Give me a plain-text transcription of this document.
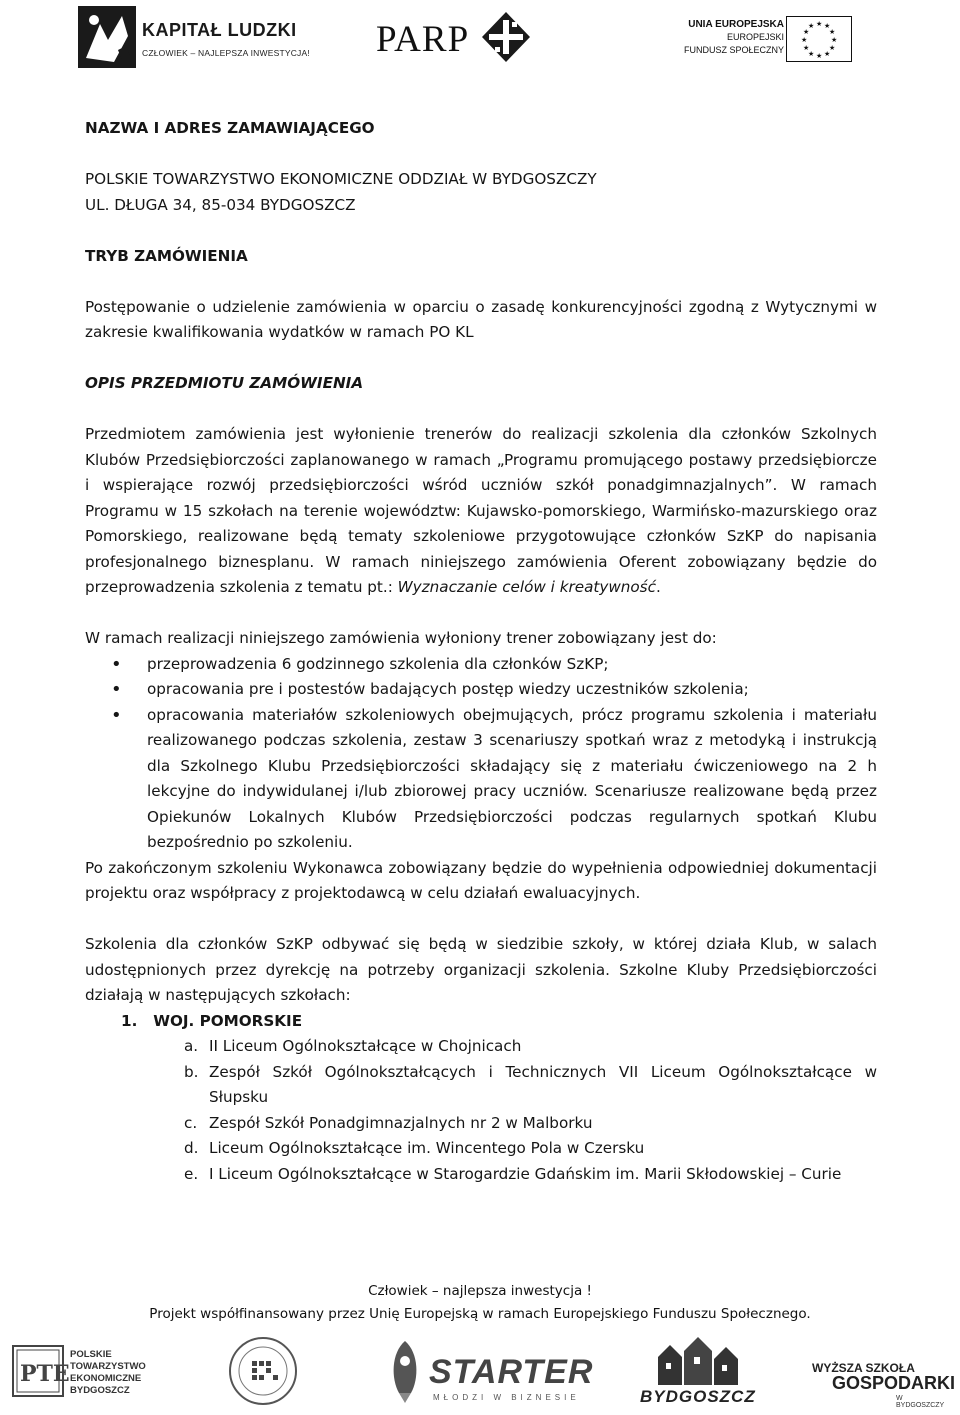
KAPITAŁ LUDZKI
CZŁOWIEK – NAJLEPSZA INWESTYCJA! PARP	UNIA EUROPEJSKA
EUROPEJSKI
FUNDUSZ SPOŁECZNY
★ ★
★
★
★
★
★
★
★
★
★
★

NAZWA I ADRES ZAMAWIAJĄCEGO

POLSKIE TOWARZYSTWO EKONOMICZNE ODDZIAŁ W BYDGOSZCZY

UL. DŁUGA 34, 85-034 BYDGOSZCZ

TRYB ZAMÓWIENIA

Postępowanie o udzielenie zamówienia w oparciu o zasadę konkurencyjności zgodną z Wytycznymi w zakresie kwalifikowania wydatków w ramach PO KL

OPIS PRZEDMIOTU ZAMÓWIENIA

Przedmiotem zamówienia jest wyłonienie trenerów do realizacji szkolenia dla członków Szkolnych Klubów Przedsiębiorczości zaplanowanego w ramach „Programu promującego postawy przedsiębiorcze i wspierające rozwój przedsiębiorczości wśród uczniów szkół ponadgimnazjalnych”. W ramach Programu w 15 szkołach na terenie województw: Kujawsko-pomorskiego, Warmińsko-mazurskiego oraz Pomorskiego, realizowane będą tematy szkoleniowe przygotowujące członków SzKP do napisania profesjonalnego biznesplanu. W ramach niniejszego zamówienia Oferent zobowiązany będzie do przeprowadzenia szkolenia z tematu pt.: Wyznaczanie celów i kreatywność.

W ramach realizacji niniejszego zamówienia wyłoniony trener zobowiązany jest do:

• przeprowadzenia 6 godzinnego szkolenia dla członków SzKP;
• opracowania pre i postestów badających postęp wiedzy uczestników szkolenia;
• opracowania materiałów szkoleniowych obejmujących, prócz programu szkolenia i materiału realizowanego podczas szkolenia, zestaw 3 scenariuszy spotkań wraz z metodyką i instrukcją dla Szkolnego Klubu Przedsiębiorczości składający się z materiału ćwiczeniowego na 2 h lekcyjne do indywidulanej i/lub zbiorowej pracy uczniów. Scenariusze realizowane będą przez Opiekunów Lokalnych Klubów Przedsiębiorczości podczas regularnych spotkań Klubu bezpośrednio po szkoleniu.

Po zakończonym szkoleniu Wykonawca zobowiązany będzie do wypełnienia odpowiedniej dokumentacji projektu oraz współpracy z projektodawcą w celu działań ewaluacyjnych.

Szkolenia dla członków SzKP odbywać się będą w siedzibie szkoły, w której działa Klub, w salach udostępnionych przez dyrekcję na potrzeby organizacji szkolenia. Szkolne Kluby Przedsiębiorczości działają w następujących szkołach:

1. WOJ. POMORSKIE

a. II Liceum Ogólnokształcące w Chojnicach
b. Zespół Szkół Ogólnokształcących i Technicznych VII Liceum Ogólnokształcące w Słupsku
c. Zespół Szkół Ponadgimnazjalnych nr 2 w Malborku
d. Liceum Ogólnokształcące im. Wincentego Pola w Czersku
e. I Liceum Ogólnokształcące w Starogardzie Gdańskim im. Marii Skłodowskiej – Curie
Człowiek – najlepsza inwestycja !
Projekt współfinansowany przez Unię Europejską w ramach Europejskiego Funduszu Społecznego.
PTE
POLSKIE
TOWARZYSTWO
EKONOMICZNE
BYDGOSZCZ	STARTER
MŁODZI W BIZNESIE	BYDGOSZCZ
WYŻSZA SZKOŁA
GOSPODARKI
W BYDGOSZCZY
